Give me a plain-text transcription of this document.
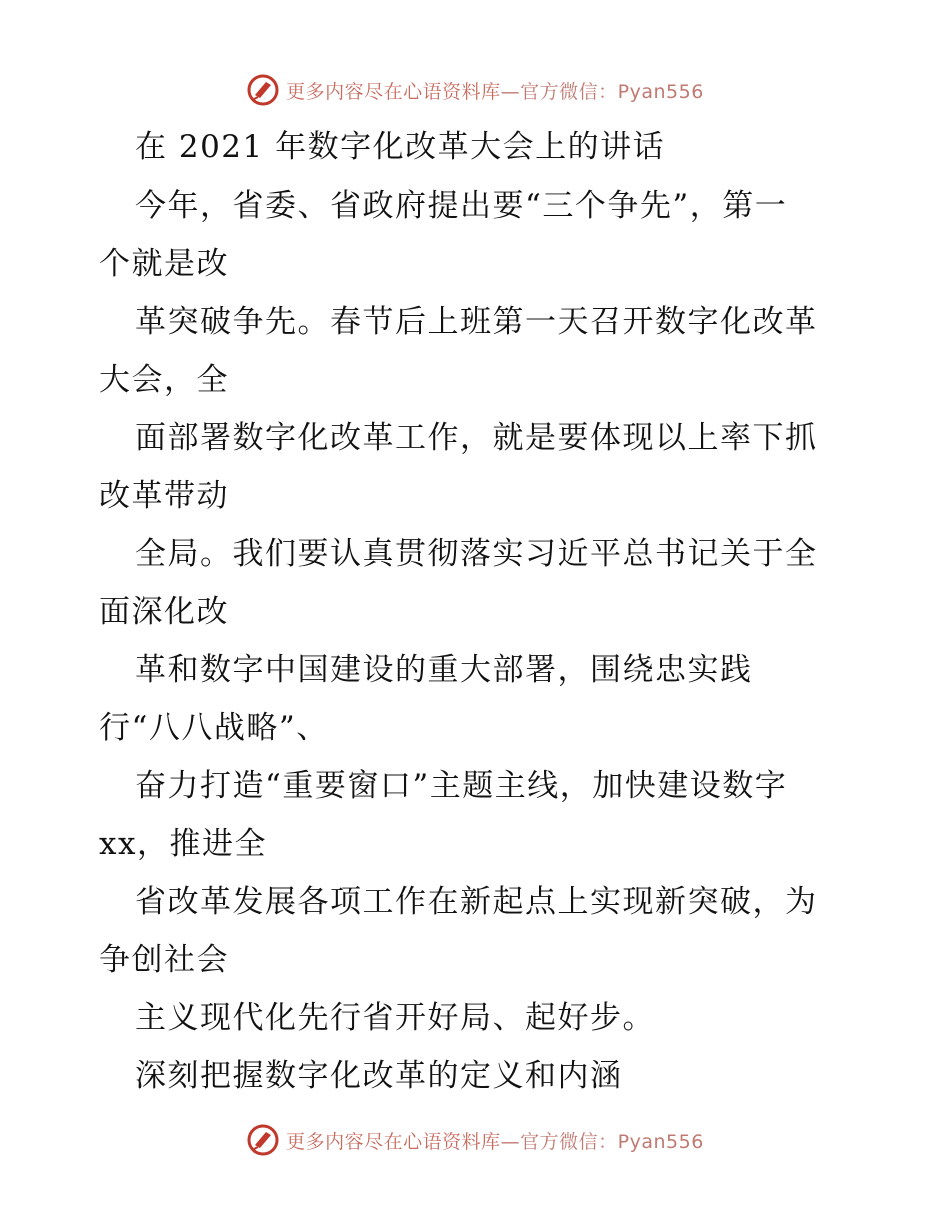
更多内容尽在心语资料库—官方微信：Pyan556
在 2021 年数字化改革大会上的讲话
今年，省委、省政府提出要“三个争先”，第一
个就是改
革突破争先。春节后上班第一天召开数字化改革
大会，全
面部署数字化改革工作，就是要体现以上率下抓
改革带动
全局。我们要认真贯彻落实习近平总书记关于全
面深化改
革和数字中国建设的重大部署，围绕忠实践
行“八八战略”、
奋力打造“重要窗口”主题主线，加快建设数字
xx，推进全
省改革发展各项工作在新起点上实现新突破，为
争创社会
主义现代化先行省开好局、起好步。
深刻把握数字化改革的定义和内涵
更多内容尽在心语资料库—官方微信：Pyan556
